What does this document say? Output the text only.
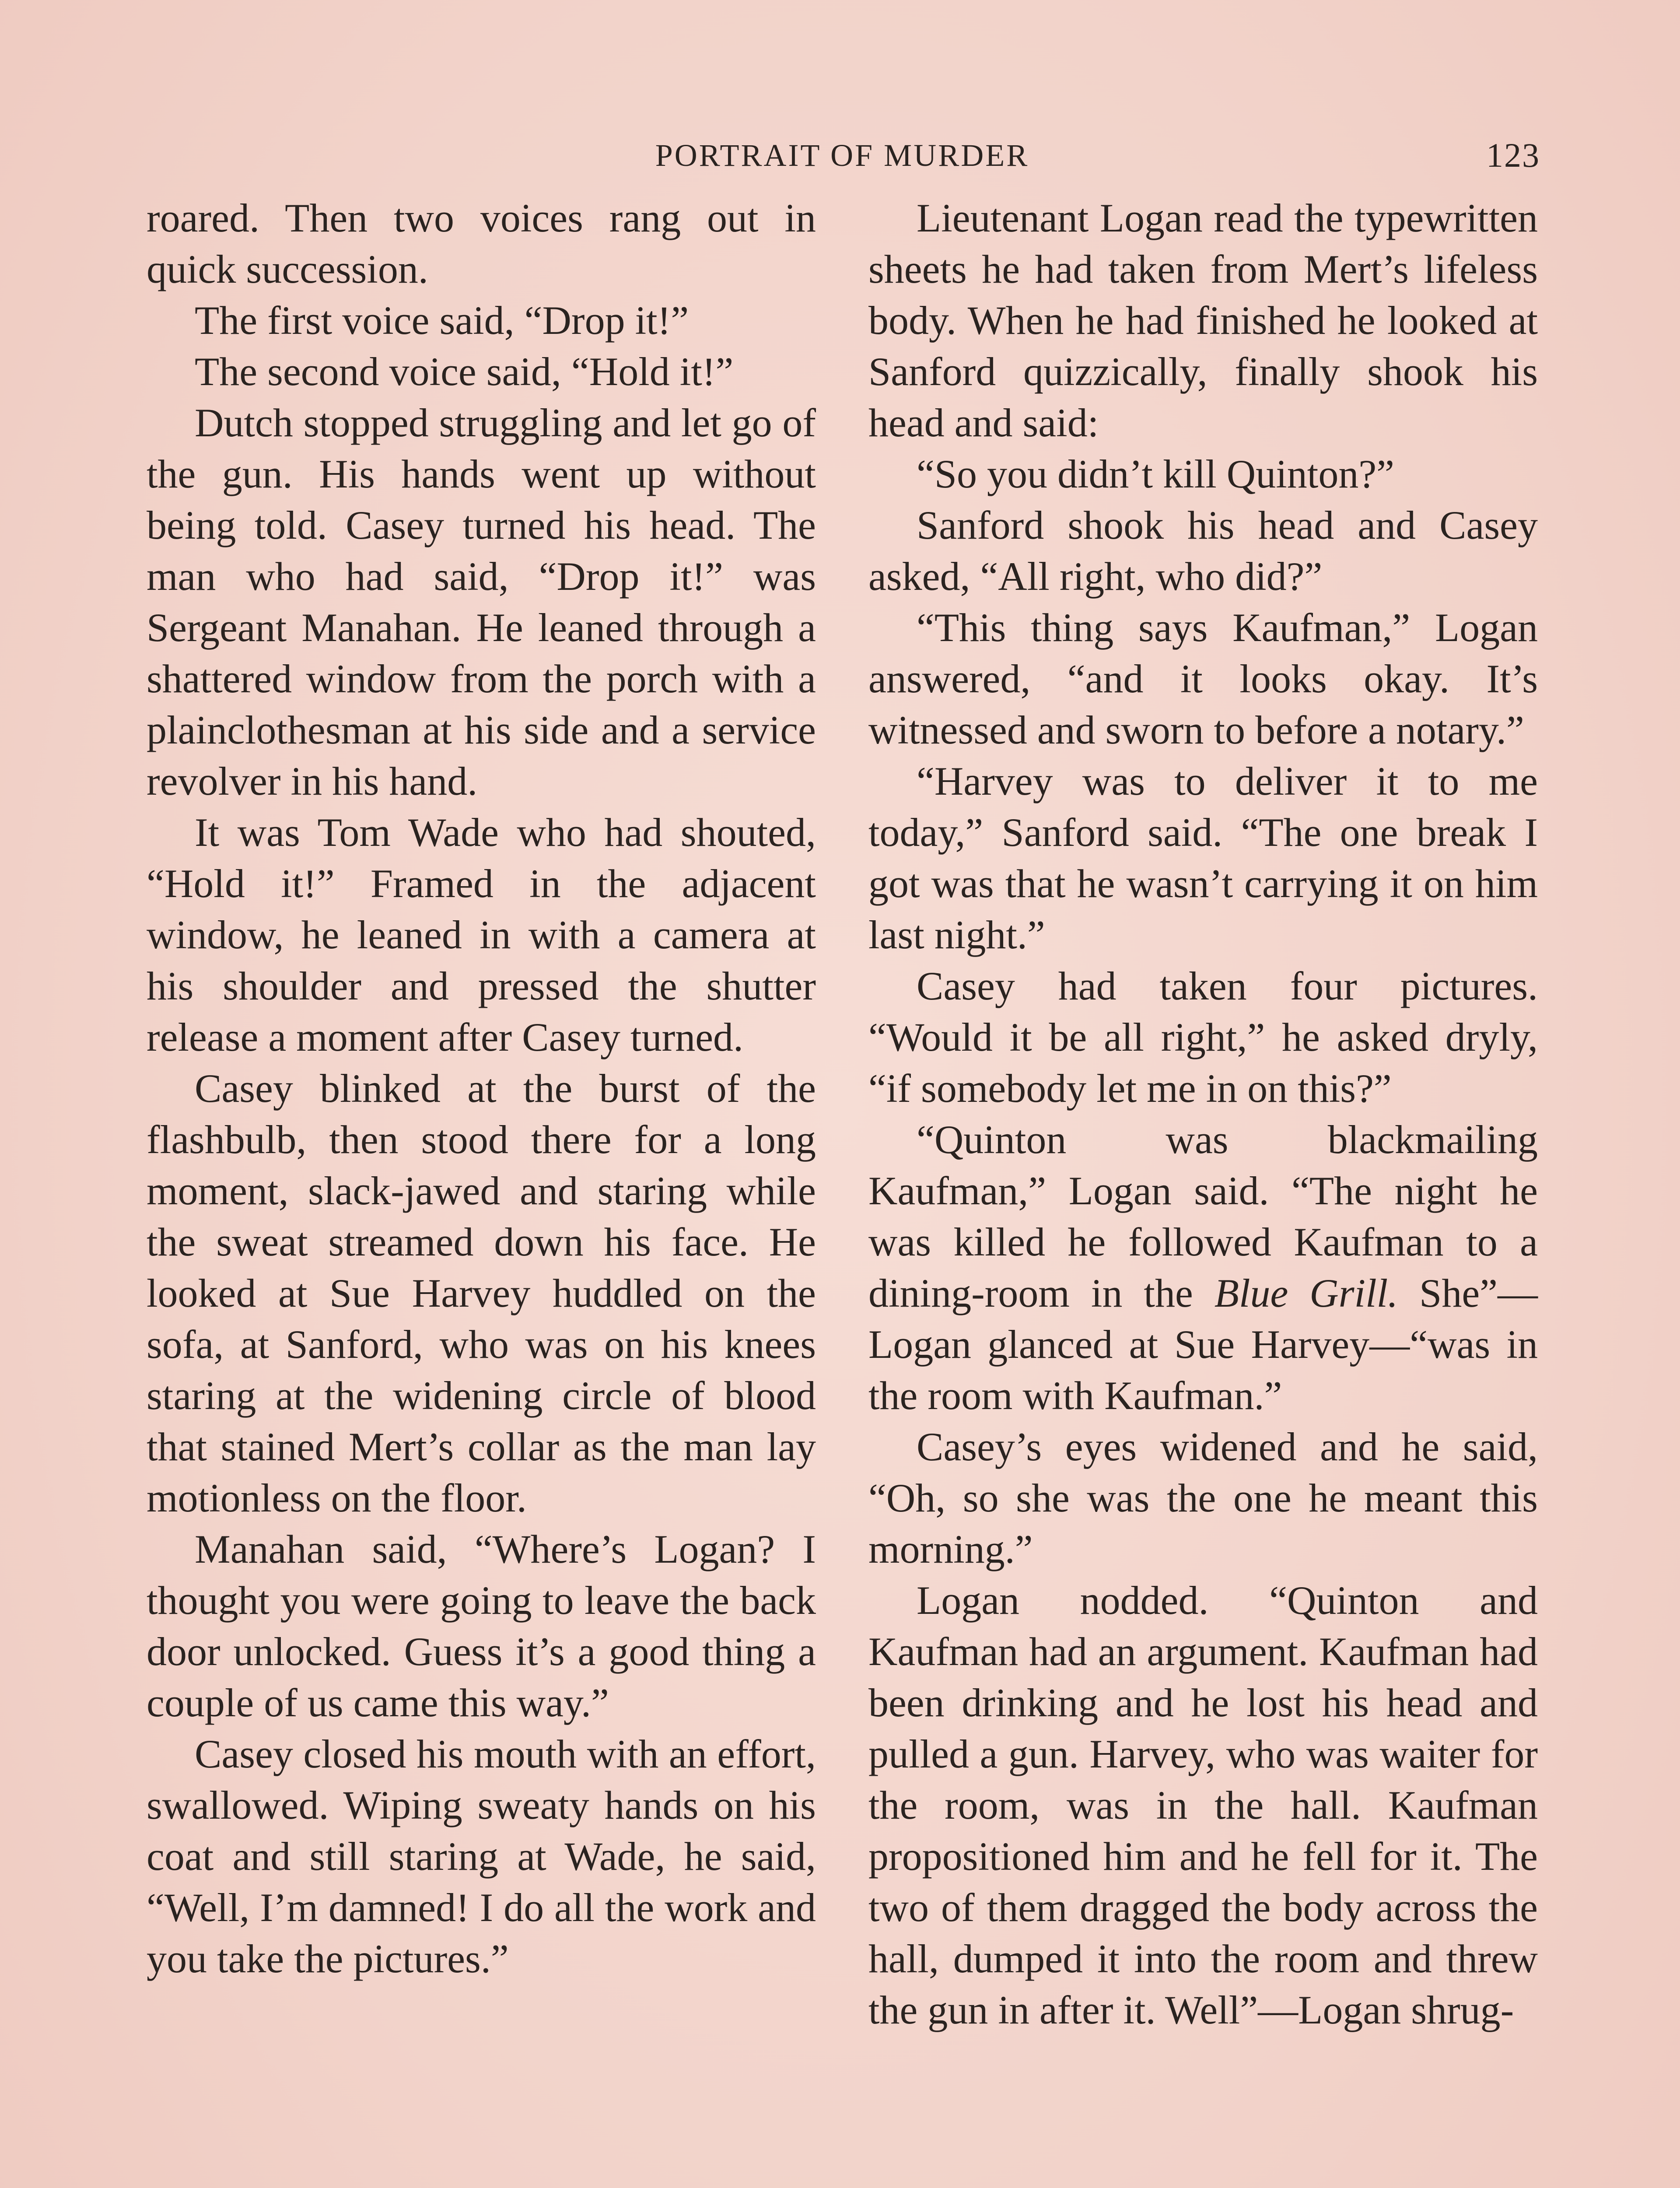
PORTRAIT OF MURDER	123

roared. Then two voices rang out in quick succession.

The first voice said, “Drop it!”

The second voice said, “Hold it!”

Dutch stopped struggling and let go of the gun. His hands went up without being told. Casey turned his head. The man who had said, “Drop it!” was Sergeant Manahan. He leaned through a shattered window from the porch with a plainclothesman at his side and a service revolver in his hand.

It was Tom Wade who had shouted, “Hold it!” Framed in the adjacent window, he leaned in with a camera at his shoulder and pressed the shutter release a moment after Casey turned.

Casey blinked at the burst of the flashbulb, then stood there for a long moment, slack-jawed and staring while the sweat streamed down his face. He looked at Sue Harvey huddled on the sofa, at Sanford, who was on his knees staring at the widening circle of blood that stained Mert’s collar as the man lay motionless on the floor.

Manahan said, “Where’s Logan? I thought you were going to leave the back door unlocked. Guess it’s a good thing a couple of us came this way.”

Casey closed his mouth with an effort, swallowed. Wiping sweaty hands on his coat and still staring at Wade, he said, “Well, I’m damned! I do all the work and you take the pictures.”

Lieutenant Logan read the typewritten sheets he had taken from Mert’s lifeless body. When he had finished he looked at Sanford quizzically, finally shook his head and said:

“So you didn’t kill Quinton?”

Sanford shook his head and Casey asked, “All right, who did?”

“This thing says Kaufman,” Logan answered, “and it looks okay. It’s witnessed and sworn to before a notary.”

“Harvey was to deliver it to me today,” Sanford said. “The one break I got was that he wasn’t carrying it on him last night.”

Casey had taken four pictures. “Would it be all right,” he asked dryly, “if somebody let me in on this?”

“Quinton was blackmailing Kaufman,” Logan said. “The night he was killed he followed Kaufman to a dining-room in the Blue Grill. She”—Logan glanced at Sue Harvey—“was in the room with Kaufman.”

Casey’s eyes widened and he said, “Oh, so she was the one he meant this morning.”

Logan nodded. “Quinton and Kaufman had an argument. Kaufman had been drinking and he lost his head and pulled a gun. Harvey, who was waiter for the room, was in the hall. Kaufman propositioned him and he fell for it. The two of them dragged the body across the hall, dumped it into the room and threw the gun in after it. Well”—Logan shrug-
